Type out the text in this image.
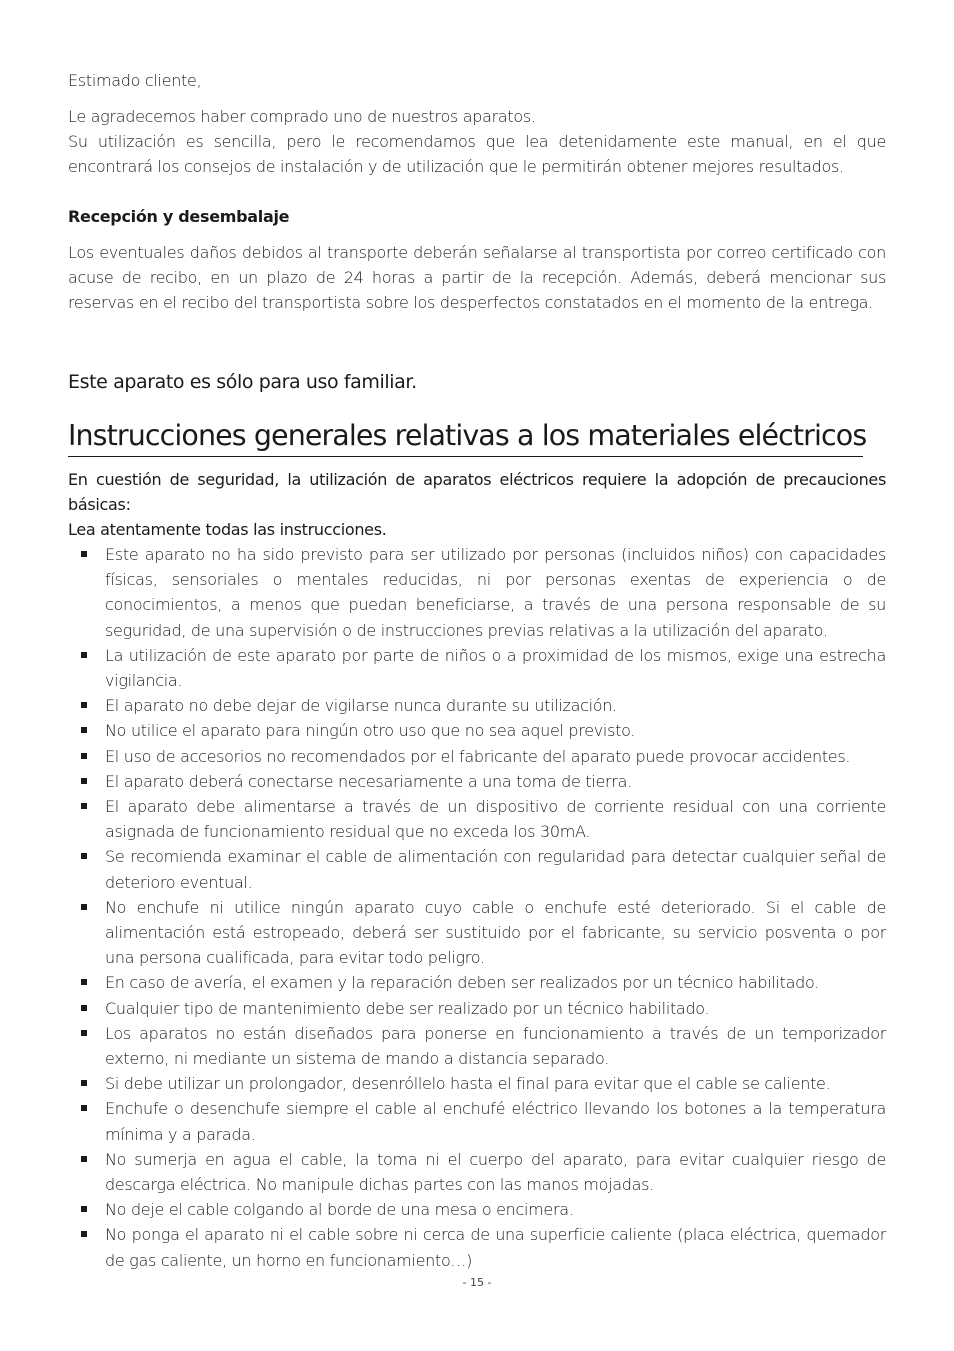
Estimado cliente,

Le agradecemos haber comprado uno de nuestros aparatos.
Su utilización es sencilla, pero le recomendamos que lea detenidamente este manual, en el que encontrará los consejos de instalación y de utilización que le permitirán obtener mejores resultados.

Recepción y desembalaje

Los eventuales daños debidos al transporte deberán señalarse al transportista por correo certificado con acuse de recibo, en un plazo de 24 horas a partir de la recepción. Además, deberá mencionar sus reservas en el recibo del transportista sobre los desperfectos constatados en el momento de la entrega.

Este aparato es sólo para uso familiar.

Instrucciones generales relativas a los materiales eléctricos

En cuestión de seguridad, la utilización de aparatos eléctricos requiere la adopción de precauciones básicas:

Lea atentamente todas las instrucciones.

Este aparato no ha sido previsto para ser utilizado por personas (incluidos niños) con capacidades físicas, sensoriales o mentales reducidas, ni por personas exentas de experiencia o de conocimientos, a menos que puedan beneficiarse, a través de una persona responsable de su seguridad, de una supervisión o de instrucciones previas relativas a la utilización del aparato.
La utilización de este aparato por parte de niños o a proximidad de los mismos, exige una estrecha vigilancia.
El aparato no debe dejar de vigilarse nunca durante su utilización.
No utilice el aparato para ningún otro uso que no sea aquel previsto.
El uso de accesorios no recomendados por el fabricante del aparato puede provocar accidentes.
El aparato deberá conectarse necesariamente a una toma de tierra.
El aparato debe alimentarse a través de un dispositivo de corriente residual con una corriente asignada de funcionamiento residual que no exceda los 30mA.
Se recomienda examinar el cable de alimentación con regularidad para detectar cualquier señal de deterioro eventual.
No enchufe ni utilice ningún aparato cuyo cable o enchufe esté deteriorado. Si el cable de alimentación está estropeado, deberá ser sustituido por el fabricante, su servicio posventa o por una persona cualificada, para evitar todo peligro.
En caso de avería, el examen y la reparación deben ser realizados por un técnico habilitado.
Cualquier tipo de mantenimiento debe ser realizado por un técnico habilitado.
Los aparatos no están diseñados para ponerse en funcionamiento a través de un temporizador externo, ni mediante un sistema de mando a distancia separado.
Si debe utilizar un prolongador, desenróllelo hasta el final para evitar que el cable se caliente.
Enchufe o desenchufe siempre el cable al enchufé eléctrico llevando los botones a la temperatura mínima y a parada.
No sumerja en agua el cable, la toma ni el cuerpo del aparato, para evitar cualquier riesgo de descarga eléctrica. No manipule dichas partes con las manos mojadas.
No deje el cable colgando al borde de una mesa o encimera.
No ponga el aparato ni el cable sobre ni cerca de una superficie caliente (placa eléctrica, quemador de gas caliente, un horno en funcionamiento…)
- 15 -
